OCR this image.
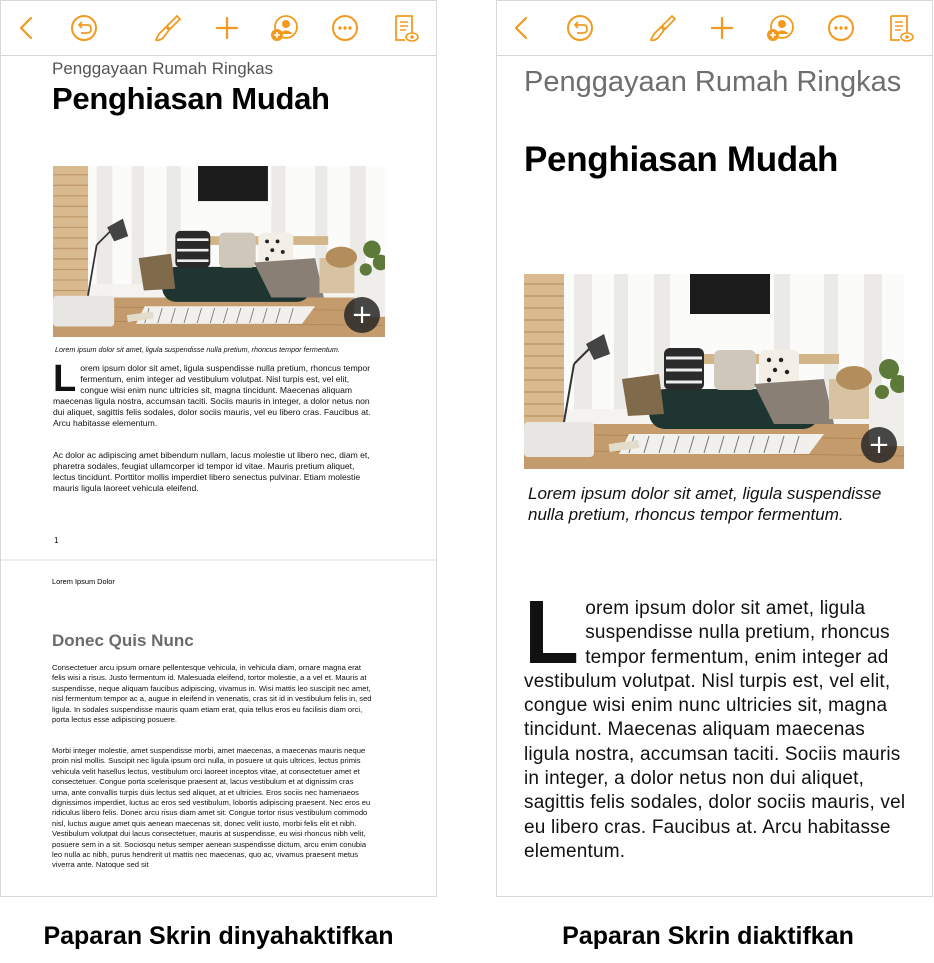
Penggayaan Rumah Ringkas
Penghiasan Mudah
+
Lorem ipsum dolor sit amet, ligula suspendisse nulla pretium, rhoncus tempor fermentum.
Lorem ipsum dolor sit amet, ligula suspendisse nulla pretium, rhoncus tempor fermentum, enim integer ad vestibulum volutpat. Nisl turpis est, vel elit, congue wisi enim nunc ultricies sit, magna tincidunt. Maecenas aliquam maecenas ligula nostra, accumsan taciti. Sociis mauris in integer, a dolor netus non dui aliquet, sagittis felis sodales, dolor sociis mauris, vel eu libero cras. Faucibus at. Arcu habitasse elementum.
Ac dolor ac adipiscing amet bibendum nullam, lacus molestie ut libero nec, diam et, pharetra sodales, feugiat ullamcorper id tempor id vitae. Mauris pretium aliquet, lectus tincidunt. Porttitor mollis imperdiet libero senectus pulvinar. Etiam molestie mauris ligula laoreet vehicula eleifend.
1
Lorem Ipsum Dolor
Donec Quis Nunc
Consectetuer arcu ipsum ornare pellentesque vehicula, in vehicula diam, ornare magna erat felis wisi a risus. Justo fermentum id. Malesuada eleifend, tortor molestie, a a vel et. Mauris at suspendisse, neque aliquam faucibus adipiscing, vivamus in. Wisi mattis leo suscipit nec amet, nisl fermentum tempor ac a, augue in eleifend in venenatis, cras sit id in vestibulum felis in, sed ligula. In sodales suspendisse mauris quam etiam erat, quia tellus eros eu facilisis diam orci, porta lectus esse adipiscing posuere.
Morbi integer molestie, amet suspendisse morbi, amet maecenas, a maecenas mauris neque proin nisl mollis. Suscipit nec ligula ipsum orci nulla, in posuere ut quis ultrices, lectus primis vehicula velit hasellus lectus, vestibulum orci laoreet inceptos vitae, at consectetuer amet et consectetuer. Congue porta scelerisque praesent at, lacus vestibulum et at dignissim cras urna, ante convallis turpis duis lectus sed aliquet, at et ultricies. Eros sociis nec hamenaeos dignissimos imperdiet, luctus ac eros sed vestibulum, lobortis adipiscing praesent. Nec eros eu ridiculus libero felis. Donec arcu risus diam amet sit. Congue tortor risus vestibulum commodo nisl, luctus augue amet quis aenean maecenas sit, donec velit iusto, morbi felis elit et nibh. Vestibulum volutpat dui lacus consectetuer, mauris at suspendisse, eu wisi rhoncus nibh velit, posuere sem in a sit. Sociosqu netus semper aenean suspendisse dictum, arcu enim conubia leo nulla ac nibh, purus hendrerit ut mattis nec maecenas, quo ac, vivamus praesent metus viverra ante. Natoque sed sit
Penggayaan Rumah Ringkas
Penghiasan Mudah
Lorem ipsum dolor sit amet, ligula suspendisse nulla pretium, rhoncus tempor fermentum.
Lorem ipsum dolor sit amet, ligula suspendisse nulla pretium, rhoncus tempor fermentum, enim integer ad vestibulum volutpat. Nisl turpis est, vel elit, congue wisi enim nunc ultricies sit, magna tincidunt. Maecenas aliquam maecenas ligula nostra, accumsan taciti. Sociis mauris in integer, a dolor netus non dui aliquet, sagittis felis sodales, dolor sociis mauris, vel eu libero cras. Faucibus at. Arcu habitasse elementum.
+
Paparan Skrin dinyahaktifkan	Paparan Skrin diaktifkan
